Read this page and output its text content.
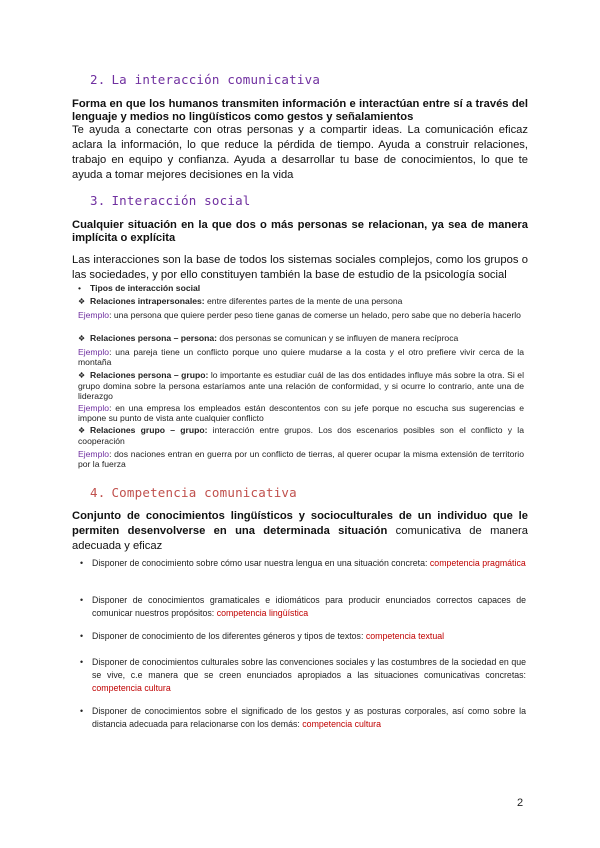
2. La interacción comunicativa
Forma en que los humanos transmiten información e interactúan entre sí a través del lenguaje y medios no lingüísticos como gestos y señalamientos
Te ayuda a conectarte con otras personas y a compartir ideas. La comunicación eficaz aclara la información, lo que reduce la pérdida de tiempo. Ayuda a construir relaciones, trabajo en equipo y confianza. Ayuda a desarrollar tu base de conocimientos, lo que te ayuda a tomar mejores decisiones en la vida
3. Interacción social
Cualquier situación en la que dos o más personas se relacionan, ya sea de manera implícita o explícita
Las interacciones son la base de todos los sistemas sociales complejos, como los grupos o las sociedades, y por ello constituyen también la base de estudio de la psicología social
• Tipos de interacción social
❖ Relaciones intrapersonales: entre diferentes partes de la mente de una persona
Ejemplo: una persona que quiere perder peso tiene ganas de comerse un helado, pero sabe que no debería hacerlo
❖ Relaciones persona – persona: dos personas se comunican y se influyen de manera recíproca
Ejemplo: una pareja tiene un conflicto porque uno quiere mudarse a la costa y el otro prefiere vivir cerca de la montaña
❖ Relaciones persona – grupo: lo importante es estudiar cuál de las dos entidades influye más sobre la otra. Si el grupo domina sobre la persona estaríamos ante una relación de conformidad, y si ocurre lo contrario, ante una de liderazgo
Ejemplo: en una empresa los empleados están descontentos con su jefe porque no escucha sus sugerencias e impone su punto de vista ante cualquier conflicto
❖ Relaciones grupo – grupo: interacción entre grupos. Los dos escenarios posibles son el conflicto y la cooperación
Ejemplo: dos naciones entran en guerra por un conflicto de tierras, al querer ocupar la misma extensión de territorio por la fuerza
4. Competencia comunicativa
Conjunto de conocimientos lingüísticos y socioculturales de un individuo que le permiten desenvolverse en una determinada situación comunicativa de manera adecuada y eficaz
• Disponer de conocimiento sobre cómo usar nuestra lengua en una situación concreta: competencia pragmática
• Disponer de conocimientos gramaticales e idiomáticos para producir enunciados correctos capaces de comunicar nuestros propósitos: competencia lingüística
• Disponer de conocimiento de los diferentes géneros y tipos de textos: competencia textual
• Disponer de conocimientos culturales sobre las convenciones sociales y las costumbres de la sociedad en que se vive, c.e manera que se creen enunciados apropiados a las situaciones comunicativas concretas: competencia cultura
• Disponer de conocimientos sobre el significado de los gestos y as posturas corporales, así como sobre la distancia adecuada para relacionarse con los demás: competencia cultura
2
